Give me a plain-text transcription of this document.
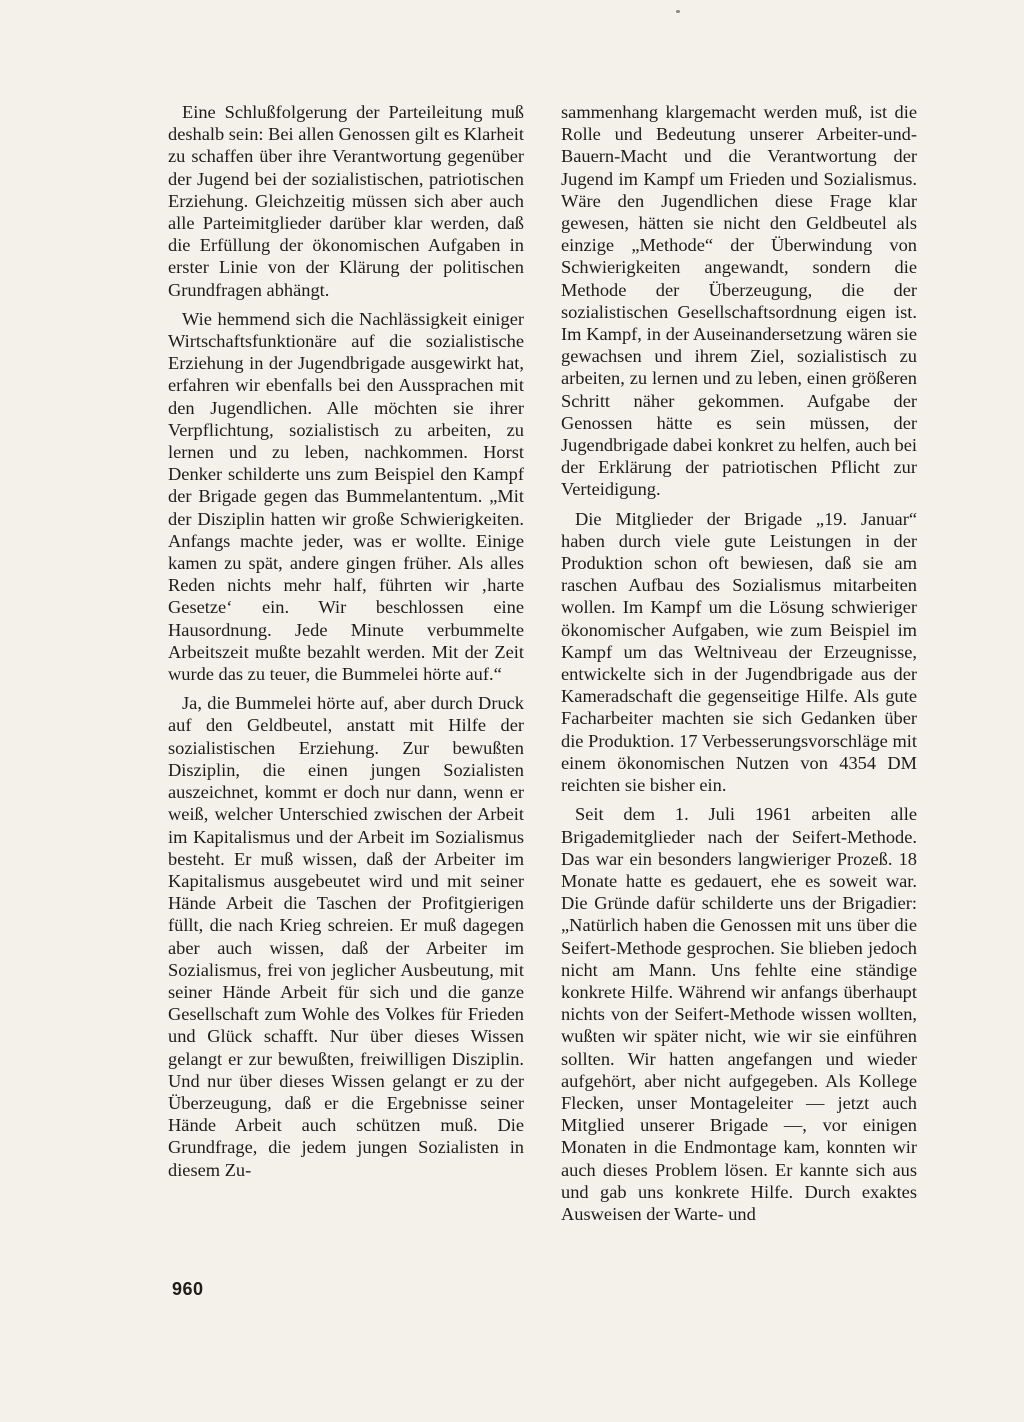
Eine Schlußfolgerung der Parteileitung muß deshalb sein: Bei allen Genossen gilt es Klarheit zu schaffen über ihre Verantwortung gegenüber der Jugend bei der sozialistischen, patriotischen Erziehung. Gleichzeitig müssen sich aber auch alle Parteimitglieder darüber klar werden, daß die Erfüllung der ökonomischen Aufgaben in erster Linie von der Klärung der politischen Grundfragen abhängt.

Wie hemmend sich die Nachlässigkeit einiger Wirtschaftsfunktionäre auf die sozialistische Erziehung in der Jugendbrigade ausgewirkt hat, erfahren wir ebenfalls bei den Aussprachen mit den Jugendlichen. Alle möchten sie ihrer Verpflichtung, sozialistisch zu arbeiten, zu lernen und zu leben, nachkommen. Horst Denker schilderte uns zum Beispiel den Kampf der Brigade gegen das Bummelantentum. „Mit der Disziplin hatten wir große Schwierigkeiten. Anfangs machte jeder, was er wollte. Einige kamen zu spät, andere gingen früher. Als alles Reden nichts mehr half, führten wir ‚harte Gesetze‘ ein. Wir beschlossen eine Hausordnung. Jede Minute verbummelte Arbeitszeit mußte bezahlt werden. Mit der Zeit wurde das zu teuer, die Bummelei hörte auf.“

Ja, die Bummelei hörte auf, aber durch Druck auf den Geldbeutel, anstatt mit Hilfe der sozialistischen Erziehung. Zur bewußten Disziplin, die einen jungen Sozialisten auszeichnet, kommt er doch nur dann, wenn er weiß, welcher Unterschied zwischen der Arbeit im Kapitalismus und der Arbeit im Sozialismus besteht. Er muß wissen, daß der Arbeiter im Kapitalismus ausgebeutet wird und mit seiner Hände Arbeit die Taschen der Profitgierigen füllt, die nach Krieg schreien. Er muß dagegen aber auch wissen, daß der Arbeiter im Sozialismus, frei von jeglicher Ausbeutung, mit seiner Hände Arbeit für sich und die ganze Gesellschaft zum Wohle des Volkes für Frieden und Glück schafft. Nur über dieses Wissen gelangt er zur bewußten, freiwilligen Disziplin. Und nur über dieses Wissen gelangt er zu der Überzeugung, daß er die Ergebnisse seiner Hände Arbeit auch schützen muß. Die Grundfrage, die jedem jungen Sozialisten in diesem Zu-

sammenhang klargemacht werden muß, ist die Rolle und Bedeutung unserer Arbeiter-und-Bauern-Macht und die Verantwortung der Jugend im Kampf um Frieden und Sozialismus. Wäre den Jugendlichen diese Frage klar gewesen, hätten sie nicht den Geldbeutel als einzige „Methode“ der Überwindung von Schwierigkeiten angewandt, sondern die Methode der Überzeugung, die der sozialistischen Gesellschaftsordnung eigen ist. Im Kampf, in der Auseinandersetzung wären sie gewachsen und ihrem Ziel, sozialistisch zu arbeiten, zu lernen und zu leben, einen größeren Schritt näher gekommen. Aufgabe der Genossen hätte es sein müssen, der Jugendbrigade dabei konkret zu helfen, auch bei der Erklärung der patriotischen Pflicht zur Verteidigung.

Die Mitglieder der Brigade „19. Januar“ haben durch viele gute Leistungen in der Produktion schon oft bewiesen, daß sie am raschen Aufbau des Sozialismus mitarbeiten wollen. Im Kampf um die Lösung schwieriger ökonomischer Aufgaben, wie zum Beispiel im Kampf um das Weltniveau der Erzeugnisse, entwickelte sich in der Jugendbrigade aus der Kameradschaft die gegenseitige Hilfe. Als gute Facharbeiter machten sie sich Gedanken über die Produktion. 17 Verbesserungsvorschläge mit einem ökonomischen Nutzen von 4354 DM reichten sie bisher ein.

Seit dem 1. Juli 1961 arbeiten alle Brigademitglieder nach der Seifert-Methode. Das war ein besonders langwieriger Prozeß. 18 Monate hatte es gedauert, ehe es soweit war. Die Gründe dafür schilderte uns der Brigadier: „Natürlich haben die Genossen mit uns über die Seifert-Methode gesprochen. Sie blieben jedoch nicht am Mann. Uns fehlte eine ständige konkrete Hilfe. Während wir anfangs überhaupt nichts von der Seifert-Methode wissen wollten, wußten wir später nicht, wie wir sie einführen sollten. Wir hatten angefangen und wieder aufgehört, aber nicht aufgegeben. Als Kollege Flecken, unser Montageleiter — jetzt auch Mitglied unserer Brigade —, vor einigen Monaten in die Endmontage kam, konnten wir auch dieses Problem lösen. Er kannte sich aus und gab uns konkrete Hilfe. Durch exaktes Ausweisen der Warte- und

960
